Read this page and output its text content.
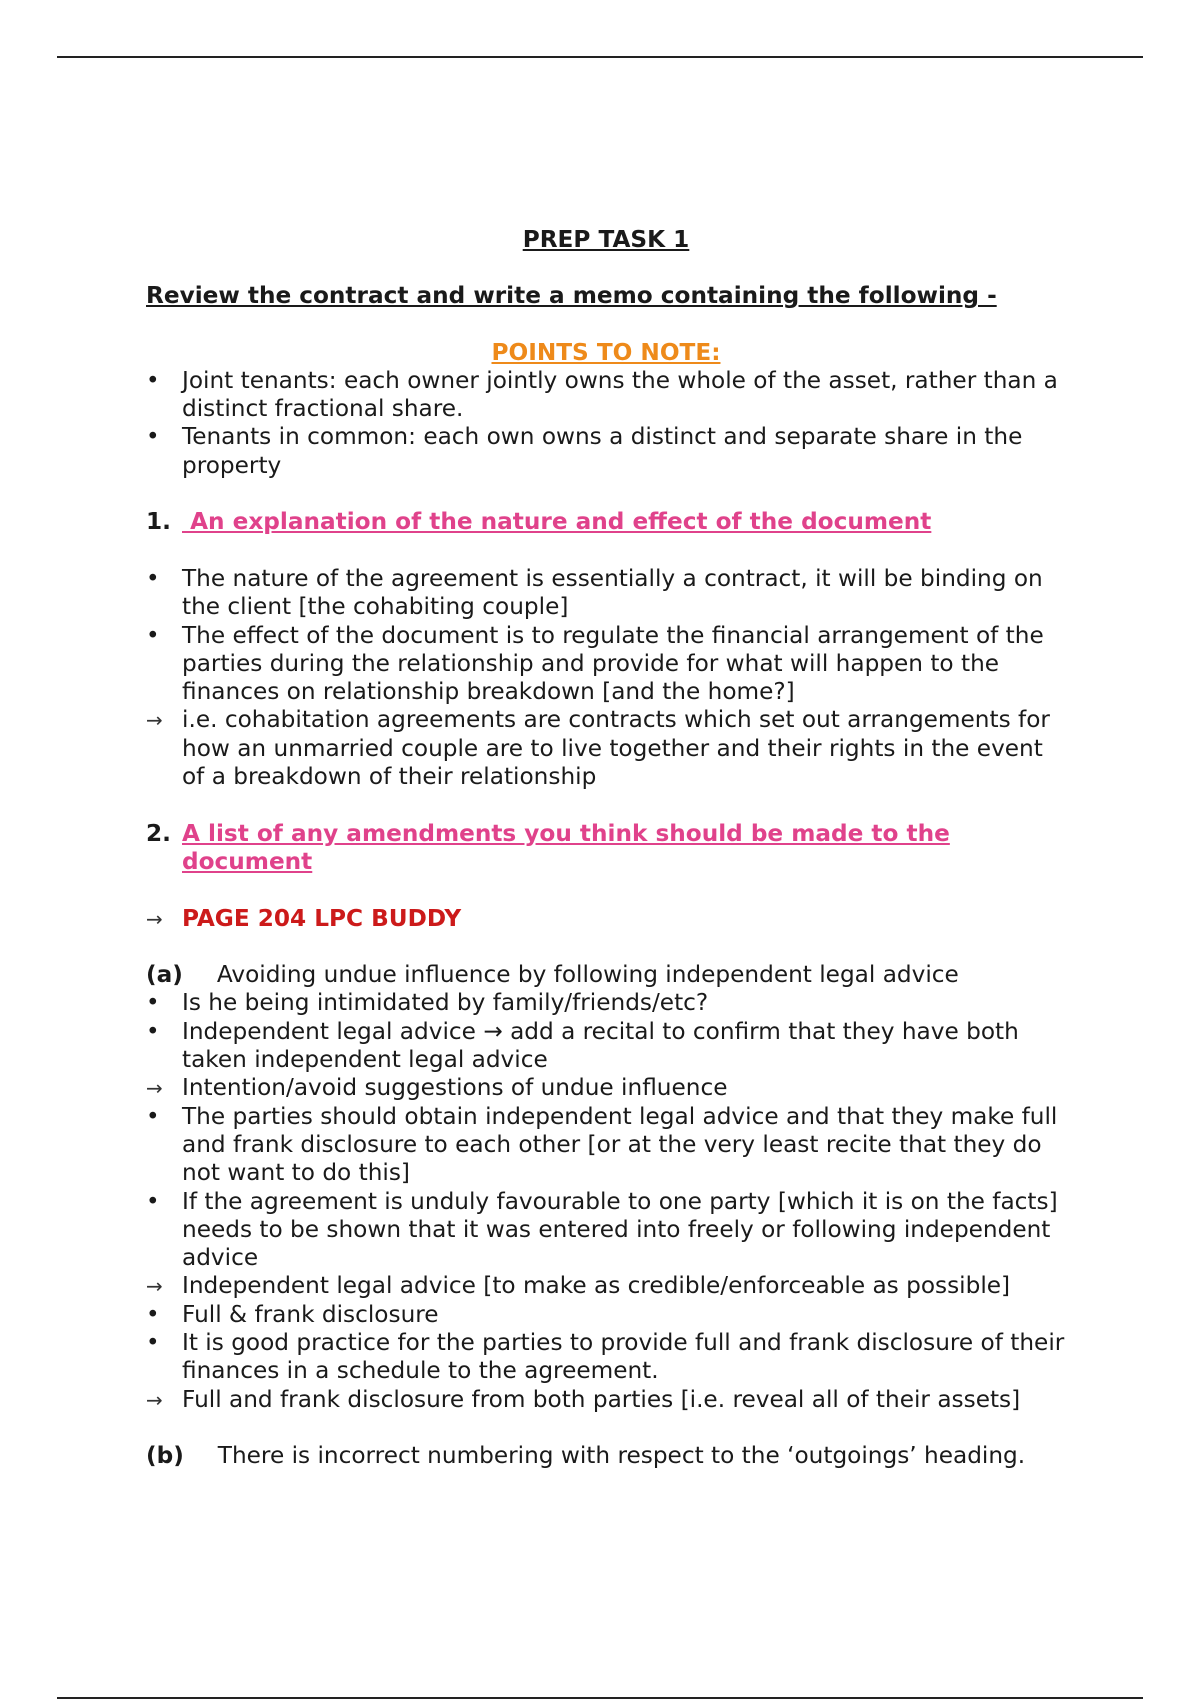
PREP TASK 1
Review the contract and write a memo containing the following -
POINTS TO NOTE:
• Joint tenants: each owner jointly owns the whole of the asset, rather than a distinct fractional share.
• Tenants in common: each own owns a distinct and separate share in the property
1. An explanation of the nature and effect of the document
• The nature of the agreement is essentially a contract, it will be binding on the client [the cohabiting couple]
• The effect of the document is to regulate the financial arrangement of the parties during the relationship and provide for what will happen to the finances on relationship breakdown [and the home?]
→ i.e. cohabitation agreements are contracts which set out arrangements for how an unmarried couple are to live together and their rights in the event of a breakdown of their relationship
2. A list of any amendments you think should be made to the document
→ PAGE 204 LPC BUDDY
(a) Avoiding undue influence by following independent legal advice
• Is he being intimidated by family/friends/etc?
• Independent legal advice → add a recital to confirm that they have both taken independent legal advice
→ Intention/avoid suggestions of undue influence
• The parties should obtain independent legal advice and that they make full and frank disclosure to each other [or at the very least recite that they do not want to do this]
• If the agreement is unduly favourable to one party [which it is on the facts] needs to be shown that it was entered into freely or following independent advice
→ Independent legal advice [to make as credible/enforceable as possible]
• Full & frank disclosure
• It is good practice for the parties to provide full and frank disclosure of their finances in a schedule to the agreement.
→ Full and frank disclosure from both parties [i.e. reveal all of their assets]
(b) There is incorrect numbering with respect to the ‘outgoings’ heading.
